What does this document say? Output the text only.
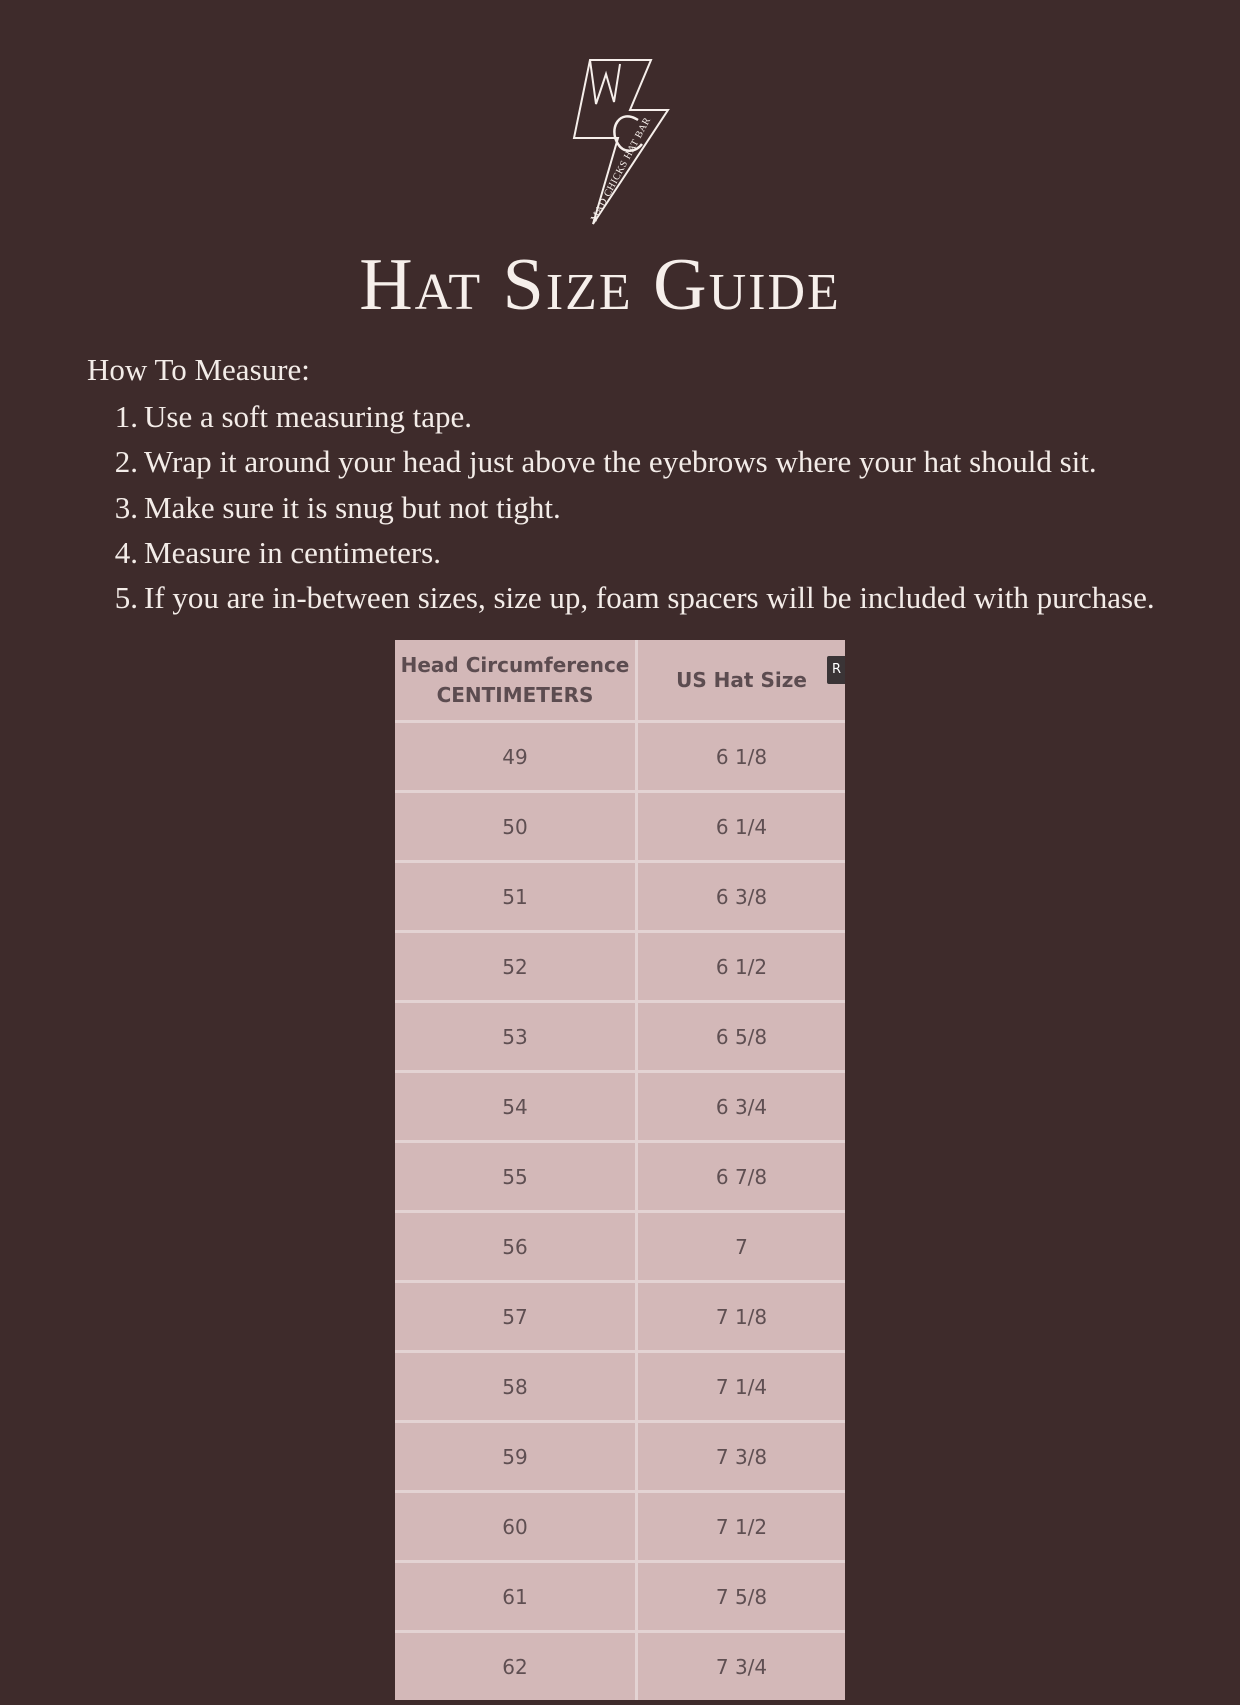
MAD CHICKS HAT BAR
Hat Size Guide
How To Measure:
1. Use a soft measuring tape.
2. Wrap it around your head just above the eyebrows where your hat should sit.
3. Make sure it is snug but not tight.
4. Measure in centimeters.
5. If you are in-between sizes, size up, foam spacers will be included with purchase.
Head Circumference
CENTIMETERS	US Hat Size
49	6 1/8
50	6 1/4
51	6 3/8
52	6 1/2
53	6 5/8
54	6 3/4
55	6 7/8
56	7
57	7 1/8
58	7 1/4
59	7 3/8
60	7 1/2
61	7 5/8
62	7 3/4
R
